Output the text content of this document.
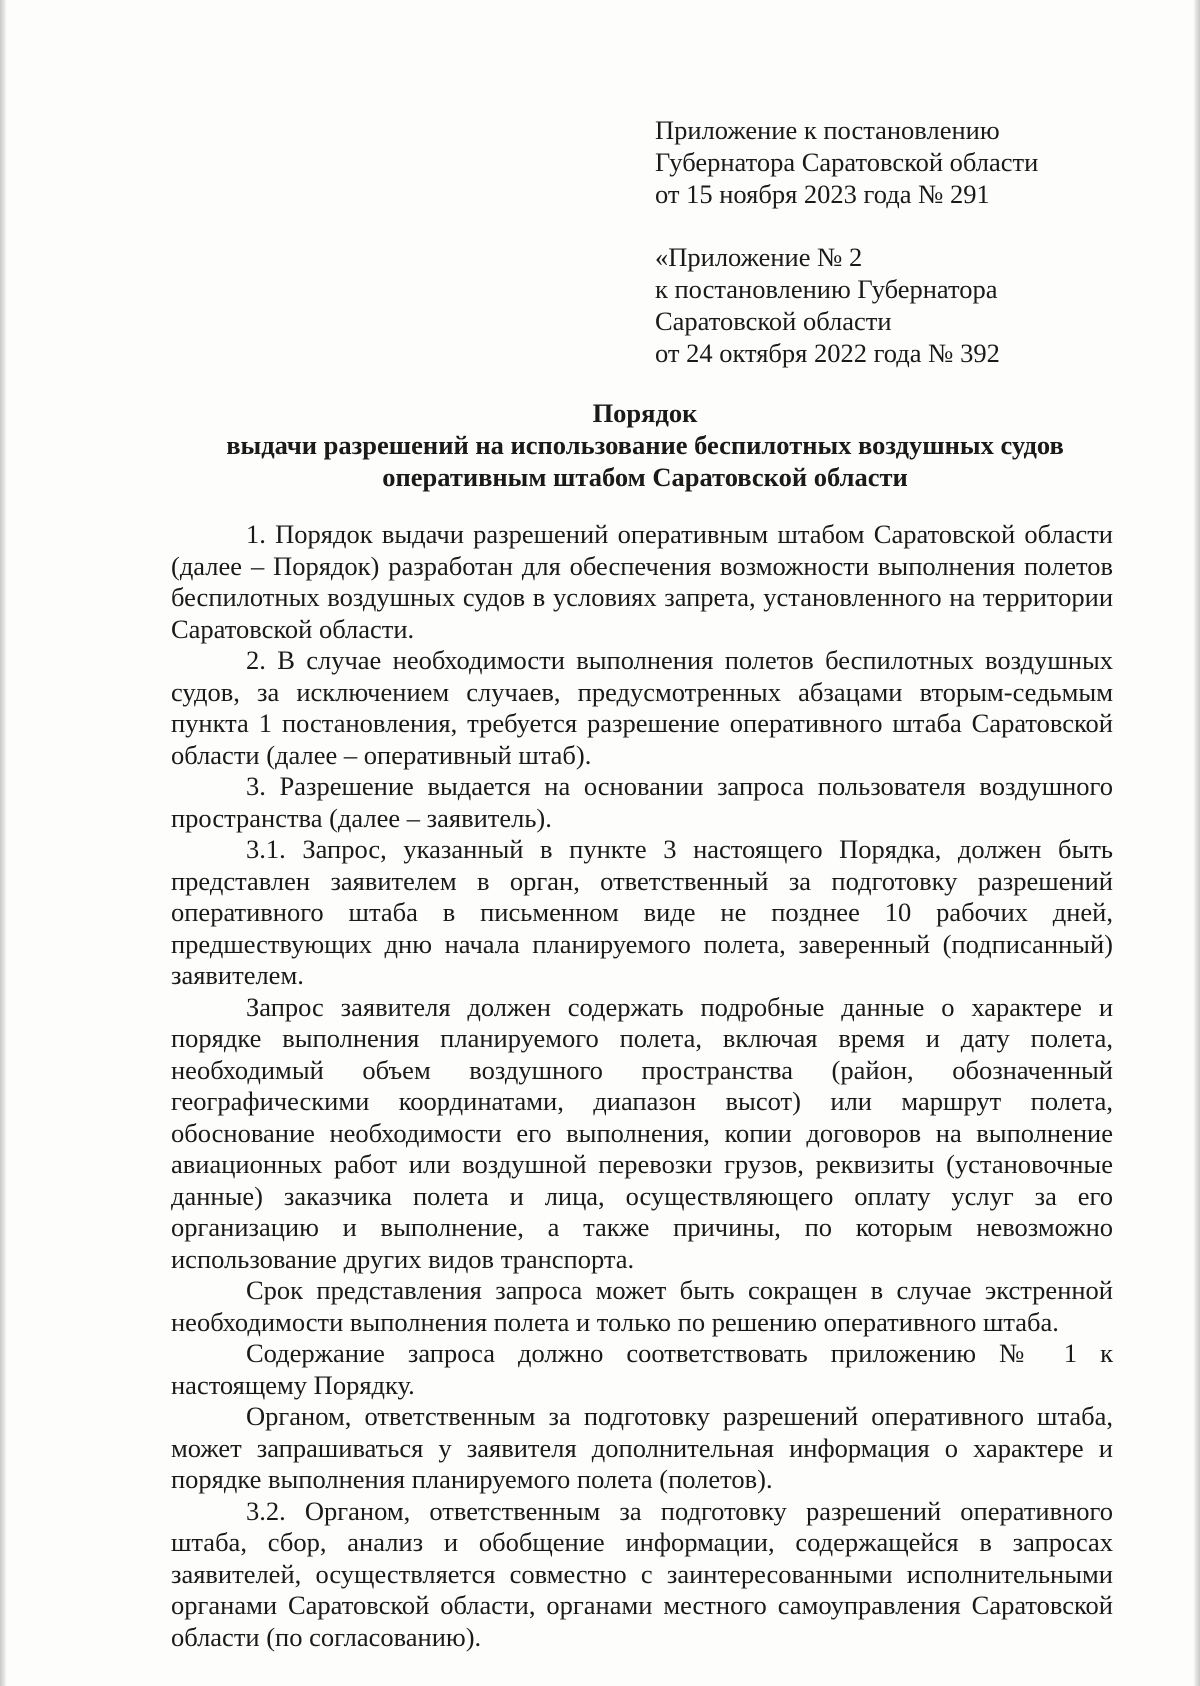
Приложение к постановлению
Губернатора Саратовской области
от 15 ноября 2023 года № 291
«Приложение № 2
к постановлению Губернатора
Саратовской области
от 24 октября 2022 года № 392
Порядок
выдачи разрешений на использование беспилотных воздушных судов
оперативным штабом Саратовской области

1. Порядок выдачи разрешений оперативным штабом Саратовской области (далее – Порядок) разработан для обеспечения возможности выполнения полетов беспилотных воздушных судов в условиях запрета, установленного на территории Саратовской области.

2. В случае необходимости выполнения полетов беспилотных воздушных судов, за исключением случаев, предусмотренных абзацами вторым-седьмым пункта 1 постановления, требуется разрешение оперативного штаба Саратовской области (далее – оперативный штаб).

3. Разрешение выдается на основании запроса пользователя воздушного пространства (далее – заявитель).

3.1. Запрос, указанный в пункте 3 настоящего Порядка, должен быть представлен заявителем в орган, ответственный за подготовку разрешений оперативного штаба в письменном виде не позднее 10 рабочих дней, предшествующих дню начала планируемого полета, заверенный (подписанный) заявителем.

Запрос заявителя должен содержать подробные данные о характере и порядке выполнения планируемого полета, включая время и дату полета, необходимый объем воздушного пространства (район, обозначенный географическими координатами, диапазон высот) или маршрут полета, обоснование необходимости его выполнения, копии договоров на выполнение авиационных работ или воздушной перевозки грузов, реквизиты (установочные данные) заказчика полета и лица, осуществляющего оплату услуг за его организацию и выполнение, а также причины, по которым невозможно использование других видов транспорта.

Срок представления запроса может быть сокращен в случае экстренной необходимости выполнения полета и только по решению оперативного штаба.

Содержание запроса должно соответствовать приложению № 1 к настоящему Порядку.

Органом, ответственным за подготовку разрешений оперативного штаба, может запрашиваться у заявителя дополнительная информация о характере и порядке выполнения планируемого полета (полетов).

3.2. Органом, ответственным за подготовку разрешений оперативного штаба, сбор, анализ и обобщение информации, содержащейся в запросах заявителей, осуществляется совместно с заинтересованными исполнительными органами Саратовской области, органами местного самоуправления Саратовской области (по согласованию).
